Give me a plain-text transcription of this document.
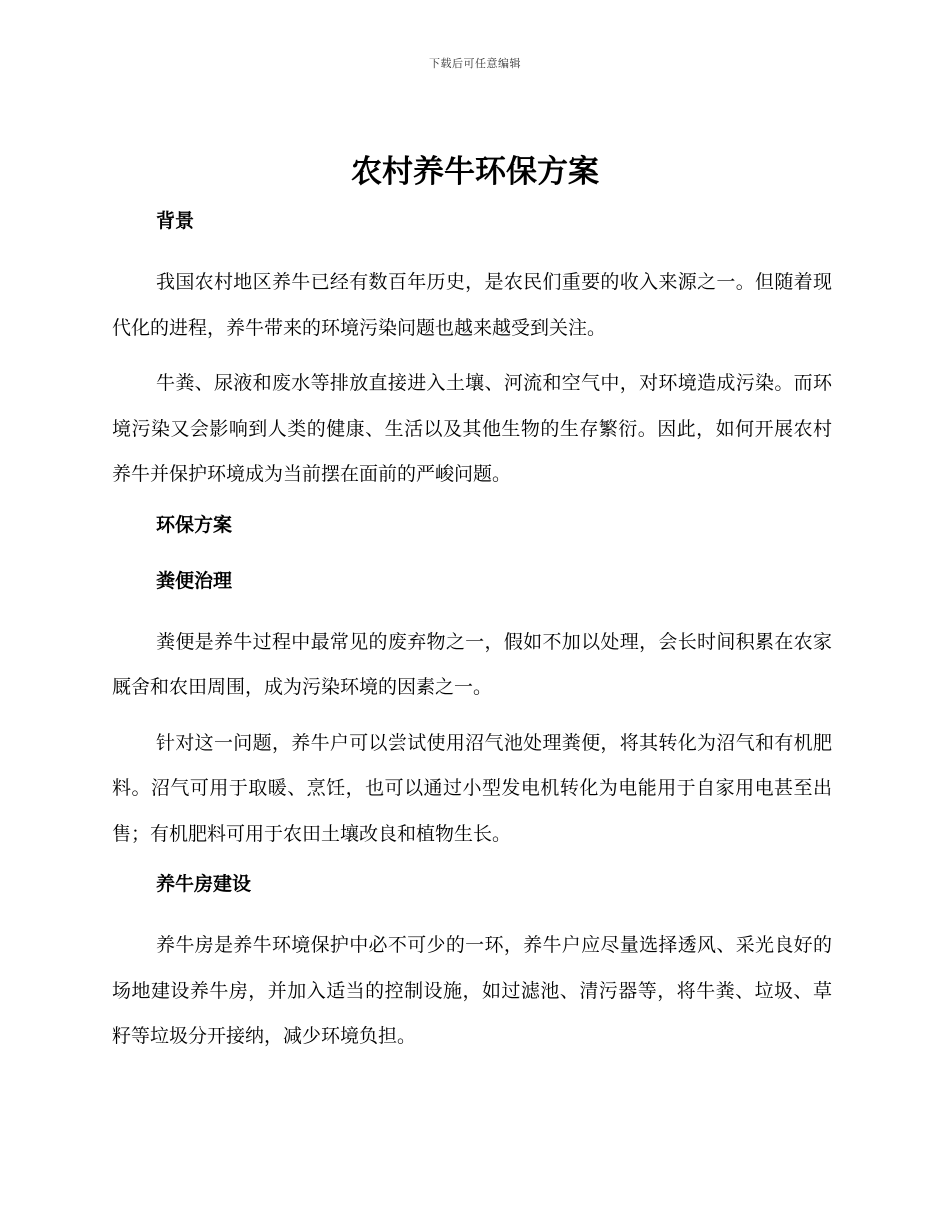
下载后可任意编辑
农村养牛环保方案

背景

我国农村地区养牛已经有数百年历史，是农民们重要的收入来源之一。但随着现代化的进程，养牛带来的环境污染问题也越来越受到关注。

牛粪、尿液和废水等排放直接进入土壤、河流和空气中，对环境造成污染。而环境污染又会影响到人类的健康、生活以及其他生物的生存繁衍。因此，如何开展农村养牛并保护环境成为当前摆在面前的严峻问题。

环保方案

粪便治理

粪便是养牛过程中最常见的废弃物之一，假如不加以处理，会长时间积累在农家厩舍和农田周围，成为污染环境的因素之一。

针对这一问题，养牛户可以尝试使用沼气池处理粪便，将其转化为沼气和有机肥料。沼气可用于取暖、烹饪，也可以通过小型发电机转化为电能用于自家用电甚至出售；有机肥料可用于农田土壤改良和植物生长。

养牛房建设

养牛房是养牛环境保护中必不可少的一环，养牛户应尽量选择透风、采光良好的场地建设养牛房，并加入适当的控制设施，如过滤池、清污器等，将牛粪、垃圾、草籽等垃圾分开接纳，减少环境负担。
